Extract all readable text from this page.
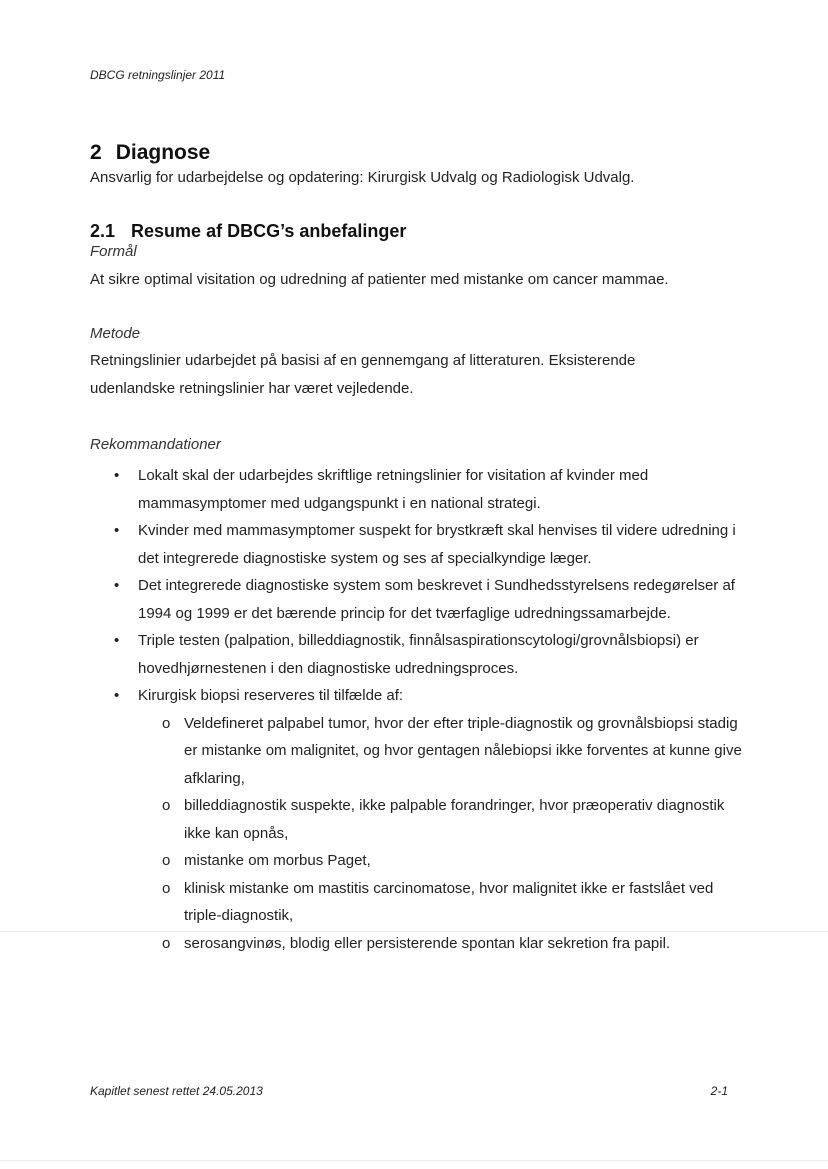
DBCG retningslinjer 2011
2 Diagnose
Ansvarlig for udarbejdelse og opdatering: Kirurgisk Udvalg og Radiologisk Udvalg.
2.1 Resume af DBCG’s anbefalinger
Formål
At sikre optimal visitation og udredning af patienter med mistanke om cancer mammae.
Metode
Retningslinier udarbejdet på basisi af en gennemgang af litteraturen. Eksisterende udenlandske retningslinier har været vejledende.
Rekommandationer
• Lokalt skal der udarbejdes skriftlige retningslinier for visitation af kvinder med mammasymptomer med udgangspunkt i en national strategi.
• Kvinder med mammasymptomer suspekt for brystkræft skal henvises til videre udredning i det integrerede diagnostiske system og ses af specialkyndige læger.
• Det integrerede diagnostiske system som beskrevet i Sundhedsstyrelsens redegørelser af 1994 og 1999 er det bærende princip for det tværfaglige udredningssamarbejde.
• Triple testen (palpation, billeddiagnostik, finnålsaspirationscytologi/grovnålsbiopsi) er hovedhjørnestenen i den diagnostiske udredningsproces.
• Kirurgisk biopsi reserveres til tilfælde af:
o Veldefineret palpabel tumor, hvor der efter triple-diagnostik og grovnålsbiopsi stadig er mistanke om malignitet, og hvor gentagen nålebiopsi ikke forventes at kunne give afklaring,
o billeddiagnostik suspekte, ikke palpable forandringer, hvor præoperativ diagnostik ikke kan opnås,
o mistanke om morbus Paget,
o klinisk mistanke om mastitis carcinomatose, hvor malignitet ikke er fastslået ved triple-diagnostik,
o serosangvinøs, blodig eller persisterende spontan klar sekretion fra papil.
Kapitlet senest rettet 24.05.2013	2-1
